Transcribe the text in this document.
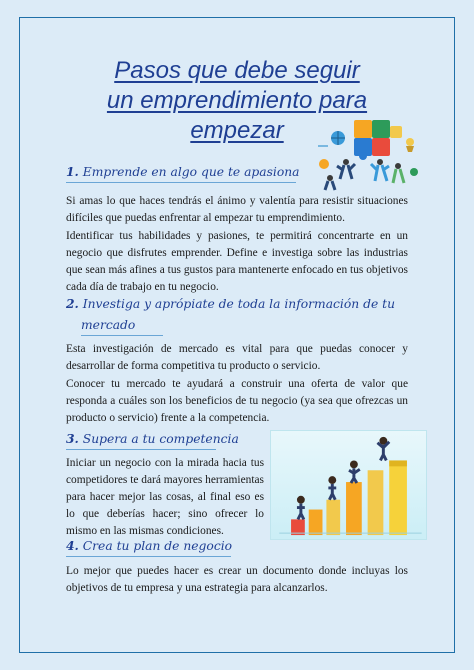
Pasos que debe seguir
un emprendimiento para
empezar
1. Emprende en algo que te apasiona
Si amas lo que haces tendrás el ánimo y valentía para resistir situaciones difíciles que puedas enfrentar al empezar tu emprendimiento.
Identificar tus habilidades y pasiones, te permitirá concentrarte en un negocio que disfrutes emprender. Define e investiga sobre las industrias que sean más afines a tus gustos para mantenerte enfocado en tus objetivos cada día de trabajo en tu negocio.
2. Investiga y aprópiate de toda la información de tu
mercado
Esta investigación de mercado es vital para que puedas conocer y desarrollar de forma competitiva tu producto o servicio.
Conocer tu mercado te ayudará a construir una oferta de valor que responda a cuáles son los beneficios de tu negocio (ya sea que ofrezcas un producto o servicio) frente a la competencia.
3. Supera a tu competencia
Iniciar un negocio con la mirada hacia tus competidores te dará mayores herramientas para hacer mejor las cosas, al final eso es lo que deberías hacer; sino ofrecer lo mismo en las mismas condiciones.
4. Crea tu plan de negocio
Lo mejor que puedes hacer es crear un documento donde incluyas los objetivos de tu empresa y una estrategia para alcanzarlos.
